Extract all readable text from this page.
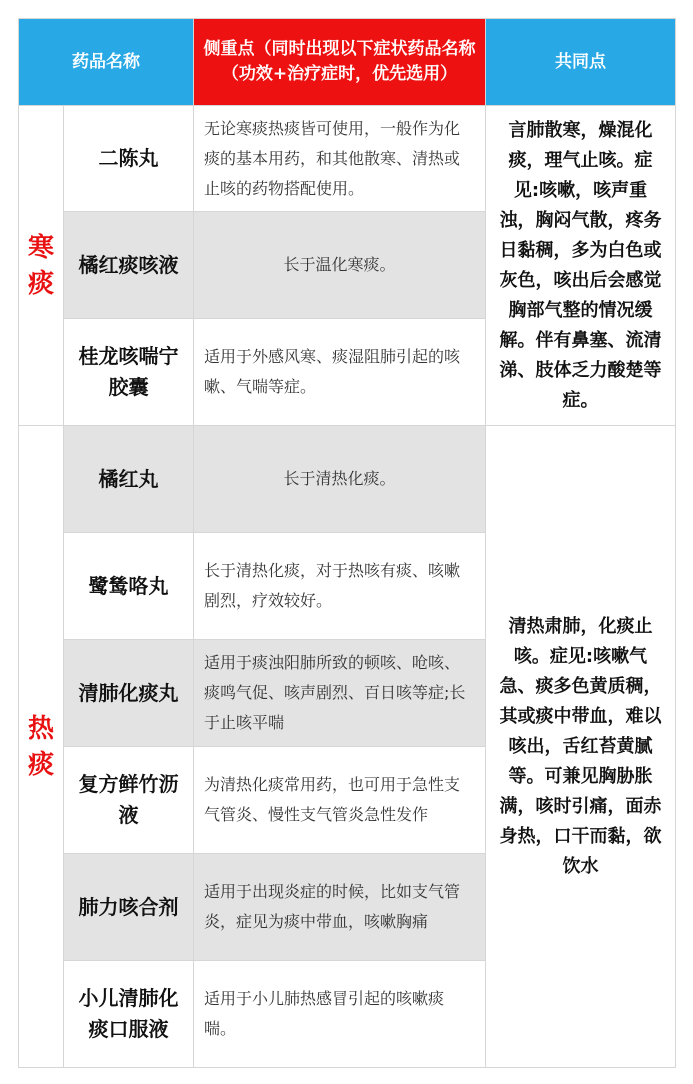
药品名称		侧重点（同时出现以下症状药品名称（功效+治疗症时，优先选用）	共同点

寒
痰	二陈丸	无论寒痰热痰皆可使用，一般作为化痰的基本用药，和其他散寒、清热或止咳的药物搭配使用。	言肺散寒，燥混化痰，理气止咳。症见:咳嗽，咳声重浊，胸闷气散，疼务日黏稠，多为白色或灰色，咳出后会感觉胸部气整的情况缓解。伴有鼻塞、流清涕、肢体乏力酸楚等症。
	橘红痰咳液	长于温化寒痰。	
	桂龙咳喘宁胶囊	适用于外感风寒、痰湿阻肺引起的咳嗽、气喘等症。	

热
痰	橘红丸	长于清热化痰。	清热肃肺，化痰止咳。症见:咳嗽气急、痰多色黄质稠，其或痰中带血，难以咳出，舌红苔黄腻等。可兼见胸胁胀满，咳时引痛，面赤身热，口干而黏，欲饮水
	鹭鸶咯丸	长于清热化痰，对于热咳有痰、咳嗽剧烈，疗效较好。	
	清肺化痰丸	适用于痰浊阳肺所致的顿咳、呛咳、痰鸣气促、咳声剧烈、百日咳等症;长于止咳平喘	
	复方鲜竹沥液	为清热化痰常用药，也可用于急性支气管炎、慢性支气管炎急性发作	
	肺力咳合剂	适用于出现炎症的时候，比如支气管炎，症见为痰中带血，咳嗽胸痛	
	小儿清肺化痰口服液	适用于小儿肺热感冒引起的咳嗽痰喘。	
